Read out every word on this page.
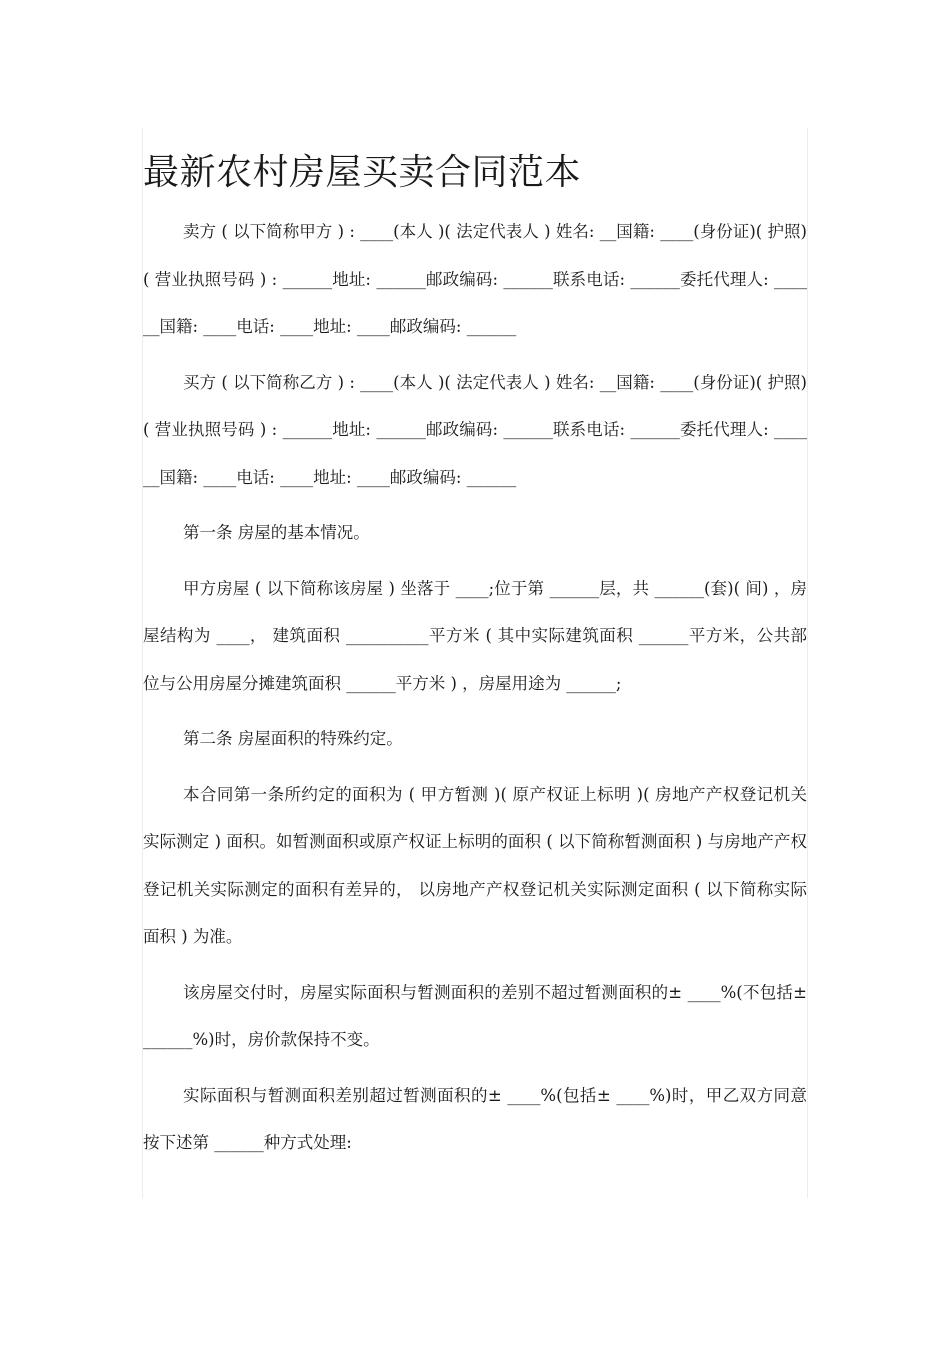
最新农村房屋买卖合同范本

卖方 ( 以下简称甲方 ) : ____(本人 )( 法定代表人 ) 姓名: __国籍: ____(身份证)( 护照)( 营业执照号码 ) : ______地址: ______邮政编码: ______联系电话: ______委托代理人: ______国籍: ____电话: ____地址: ____邮政编码: ______

买方 ( 以下简称乙方 ) : ____(本人 )( 法定代表人 ) 姓名: __国籍: ____(身份证)( 护照)( 营业执照号码 ) : ______地址: ______邮政编码: ______联系电话: ______委托代理人: ______国籍: ____电话: ____地址: ____邮政编码: ______

第一条 房屋的基本情况。

甲方房屋 ( 以下简称该房屋 ) 坐落于 ____;位于第 ______层，共 ______(套)( 间) ，房屋结构为 ____， 建筑面积 __________平方米 ( 其中实际建筑面积 ______平方米，公共部位与公用房屋分摊建筑面积 ______平方米 ) ，房屋用途为 ______;

第二条 房屋面积的特殊约定。

本合同第一条所约定的面积为 ( 甲方暂测 )( 原产权证上标明 )( 房地产产权登记机关实际测定 ) 面积。如暂测面积或原产权证上标明的面积 ( 以下简称暂测面积 ) 与房地产产权登记机关实际测定的面积有差异的， 以房地产产权登记机关实际测定面积 ( 以下简称实际面积 ) 为准。

该房屋交付时，房屋实际面积与暂测面积的差别不超过暂测面积的± ____%(不包括± ______%)时，房价款保持不变。

实际面积与暂测面积差别超过暂测面积的± ____%(包括± ____%)时，甲乙双方同意按下述第 ______种方式处理:
